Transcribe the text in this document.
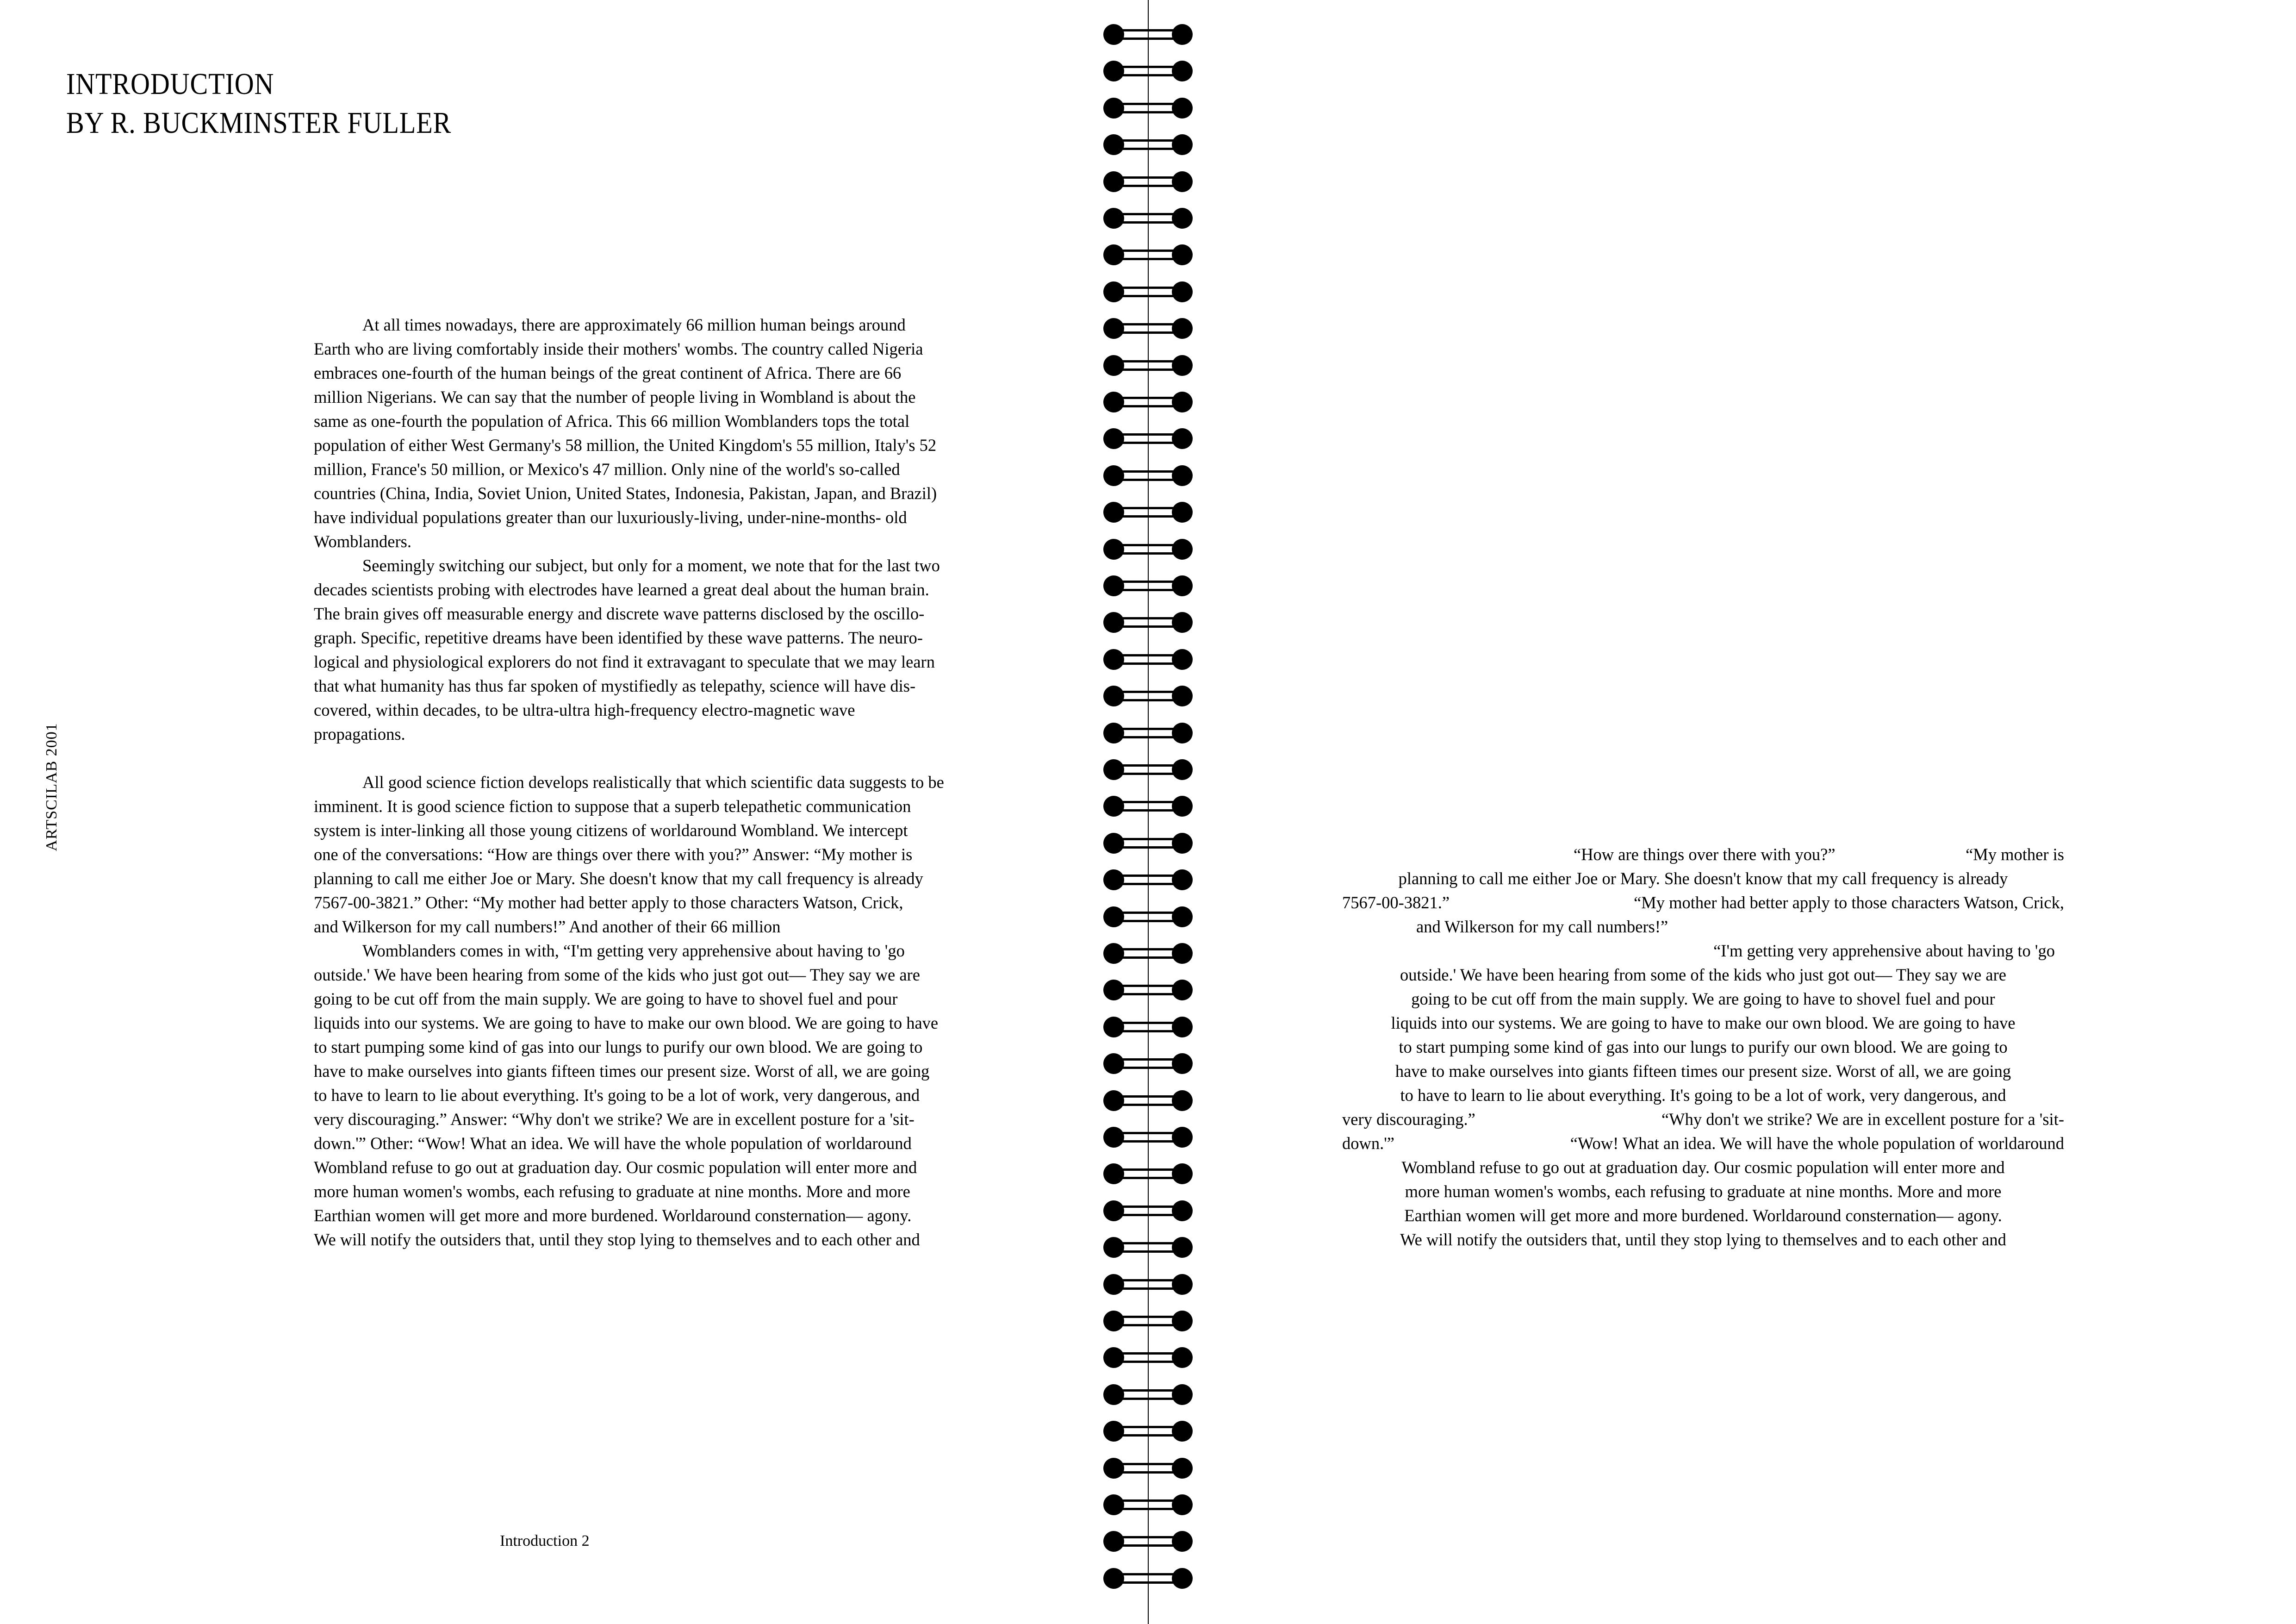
INTRODUCTION
BY R. BUCKMINSTER FULLER
ARTSCILAB 2001
At all times nowadays, there are approximately 66 million human beings around
Earth who are living comfortably inside their mothers' wombs. The country called Nigeria
embraces one-fourth of the human beings of the great continent of Africa. There are 66
million Nigerians. We can say that the number of people living in Wombland is about the
same as one-fourth the population of Africa. This 66 million Womblanders tops the total
population of either West Germany's 58 million, the United Kingdom's 55 million, Italy's 52
million, France's 50 million, or Mexico's 47 million. Only nine of the world's so-called
countries (China, India, Soviet Union, United States, Indonesia, Pakistan, Japan, and Brazil)
have individual populations greater than our luxuriously-living, under-nine-months- old
Womblanders.
Seemingly switching our subject, but only for a moment, we note that for the last two
decades scientists probing with electrodes have learned a great deal about the human brain.
The brain gives off measurable energy and discrete wave patterns disclosed by the oscillo-
graph. Specific, repetitive dreams have been identified by these wave patterns. The neuro-
logical and physiological explorers do not find it extravagant to speculate that we may learn
that what humanity has thus far spoken of mystifiedly as telepathy, science will have dis-
covered, within decades, to be ultra-ultra high-frequency electro-magnetic wave
propagations.
All good science fiction develops realistically that which scientific data suggests to be
imminent. It is good science fiction to suppose that a superb telepathetic communication
system is inter-linking all those young citizens of worldaround Wombland. We intercept
one of the conversations: “How are things over there with you?” Answer: “My mother is
planning to call me either Joe or Mary. She doesn't know that my call frequency is already
7567-00-3821.” Other: “My mother had better apply to those characters Watson, Crick,
and Wilkerson for my call numbers!” And another of their 66 million
Womblanders comes in with, “I'm getting very apprehensive about having to 'go
outside.' We have been hearing from some of the kids who just got out— They say we are
going to be cut off from the main supply. We are going to have to shovel fuel and pour
liquids into our systems. We are going to have to make our own blood. We are going to have
to start pumping some kind of gas into our lungs to purify our own blood. We are going to
have to make ourselves into giants fifteen times our present size. Worst of all, we are going
to have to learn to lie about everything. It's going to be a lot of work, very dangerous, and
very discouraging.” Answer: “Why don't we strike? We are in excellent posture for a 'sit-
down.'” Other: “Wow! What an idea. We will have the whole population of worldaround
Wombland refuse to go out at graduation day. Our cosmic population will enter more and
more human women's wombs, each refusing to graduate at nine months. More and more
Earthian women will get more and more burdened. Worldaround consternation— agony.
We will notify the outsiders that, until they stop lying to themselves and to each other and
Introduction 2
“How are things over there with you?”	“My mother is
planning to call me either Joe or Mary. She doesn't know that my call frequency is already
7567-00-3821.”	“My mother had better apply to those characters Watson, Crick,
and Wilkerson for my call numbers!”
“I'm getting very apprehensive about having to 'go
outside.' We have been hearing from some of the kids who just got out— They say we are
going to be cut off from the main supply. We are going to have to shovel fuel and pour
liquids into our systems. We are going to have to make our own blood. We are going to have
to start pumping some kind of gas into our lungs to purify our own blood. We are going to
have to make ourselves into giants fifteen times our present size. Worst of all, we are going
to have to learn to lie about everything. It's going to be a lot of work, very dangerous, and
very discouraging.”	“Why don't we strike? We are in excellent posture for a 'sit-
down.'”	“Wow! What an idea. We will have the whole population of worldaround
Wombland refuse to go out at graduation day. Our cosmic population will enter more and
more human women's wombs, each refusing to graduate at nine months. More and more
Earthian women will get more and more burdened. Worldaround consternation— agony.
We will notify the outsiders that, until they stop lying to themselves and to each other and
